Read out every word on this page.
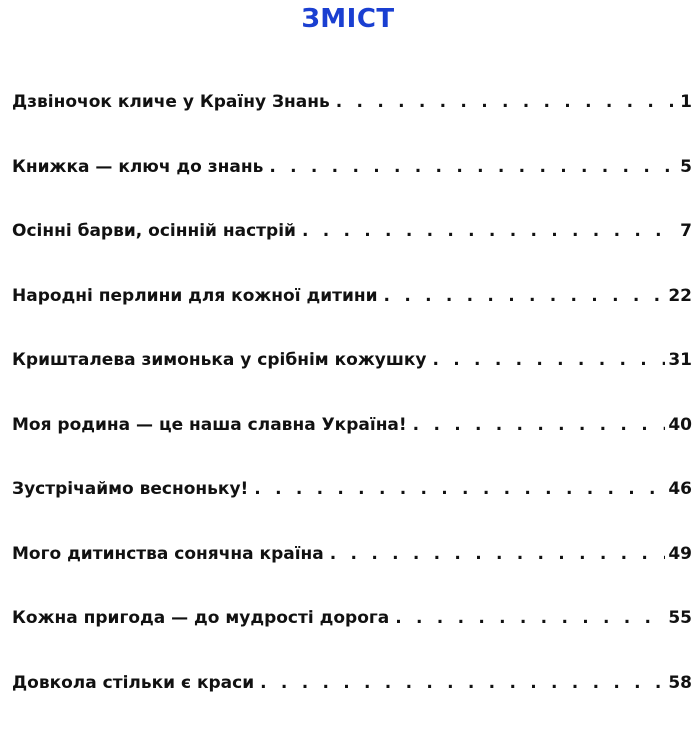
ЗМІСТ
Дзвіночок кличе у Країну Знань . . .	1
Книжка — ключ до знань . . .	5
Осінні барви, осінній настрій . . .	7
Народні перлини для кожної дитини . . .	22
Кришталева зимонька у срібнім кожушку . . .	31
Моя родина — це наша славна Україна! . . .	40
Зустрічаймо весноньку! . . .	46
Мого дитинства сонячна країна . . .	49
Кожна пригода — до мудрості дорога . . .	55
Довкола стільки є краси . . .	58
